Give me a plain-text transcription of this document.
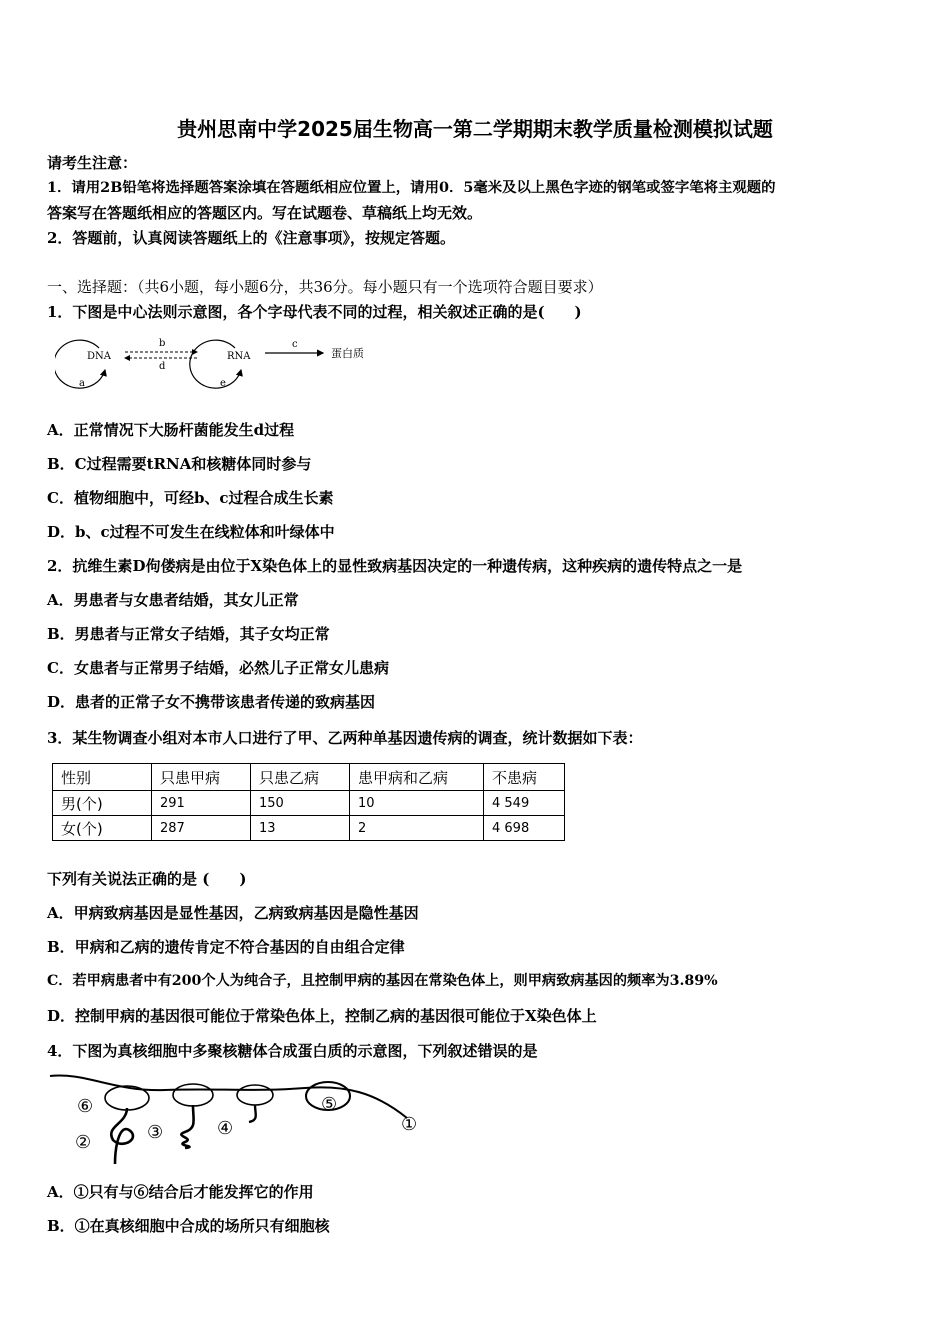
贵州思南中学2025届生物高一第二学期期末教学质量检测模拟试题
请考生注意：
1．请用2B铅笔将选择题答案涂填在答题纸相应位置上，请用0．5毫米及以上黑色字迹的钢笔或签字笔将主观题的
答案写在答题纸相应的答题区内。写在试题卷、草稿纸上均无效。
2．答题前，认真阅读答题纸上的《注意事项》，按规定答题。
一、选择题：（共6小题，每小题6分，共36分。每小题只有一个选项符合题目要求）
1．下图是中心法则示意图，各个字母代表不同的过程，相关叙述正确的是(　　)
DNA
a
b
d
RNA
e
c
蛋白质
A．正常情况下大肠杆菌能发生d过程
B．C过程需要tRNA和核糖体同时参与
C．植物细胞中，可经b、c过程合成生长素
D．b、c过程不可发生在线粒体和叶绿体中
2．抗维生素D佝偻病是由位于X染色体上的显性致病基因决定的一种遗传病，这种疾病的遗传特点之一是
A．男患者与女患者结婚，其女儿正常
B．男患者与正常女子结婚，其子女均正常
C．女患者与正常男子结婚，必然儿子正常女儿患病
D．患者的正常子女不携带该患者传递的致病基因
3．某生物调查小组对本市人口进行了甲、乙两种单基因遗传病的调查，统计数据如下表：
性别	只患甲病	只患乙病	患甲病和乙病	不患病
男(个)	291	150	10	4 549
女(个)	287	13	2	4 698
下列有关说法正确的是 (　　)
A．甲病致病基因是显性基因，乙病致病基因是隐性基因
B．甲病和乙病的遗传肯定不符合基因的自由组合定律
C．若甲病患者中有200个人为纯合子，且控制甲病的基因在常染色体上，则甲病致病基因的频率为3.89%
D．控制甲病的基因很可能位于常染色体上，控制乙病的基因很可能位于X染色体上
4．下图为真核细胞中多聚核糖体合成蛋白质的示意图，下列叙述错误的是
⑥
②	③	④
⑤
①
A．①只有与⑥结合后才能发挥它的作用
B．①在真核细胞中合成的场所只有细胞核
